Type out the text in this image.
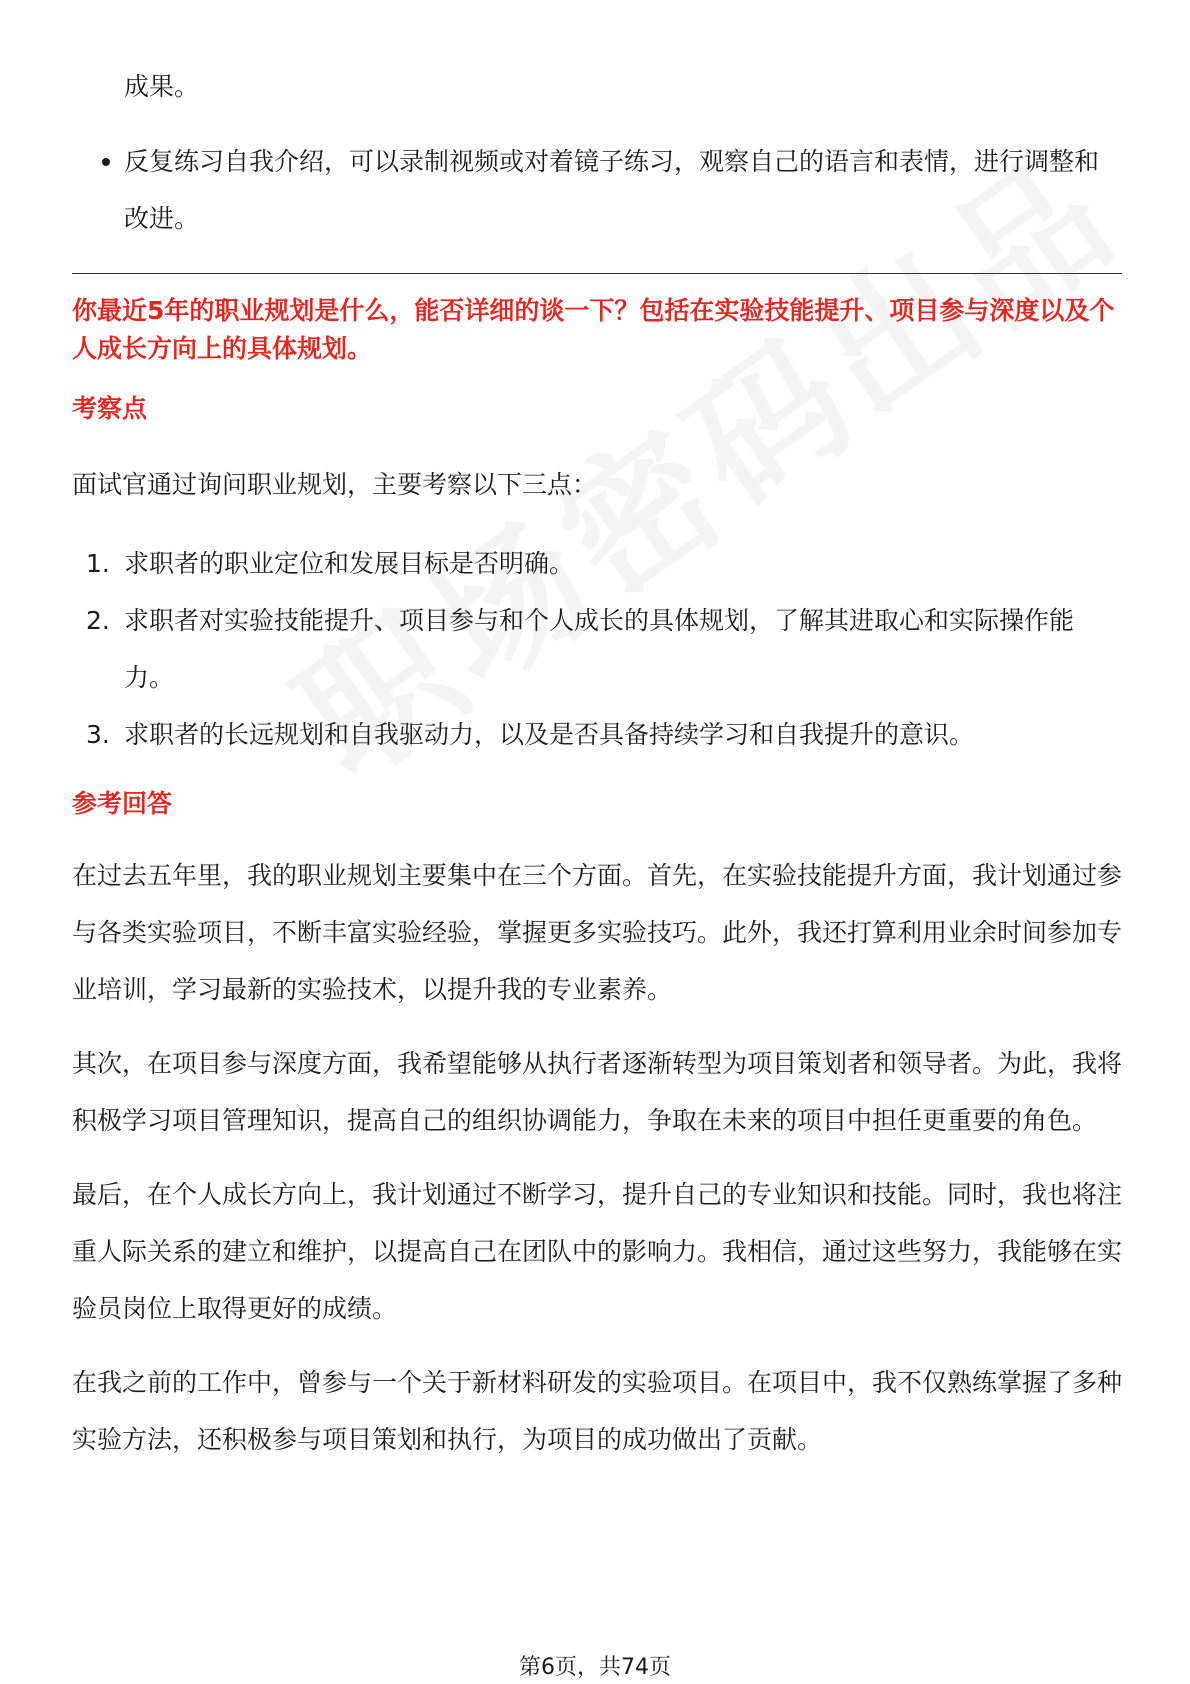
成果。
反复练习自我介绍，可以录制视频或对着镜子练习，观察自己的语言和表情，进行调整和改进。
你最近5年的职业规划是什么，能否详细的谈一下？包括在实验技能提升、项目参与深度以及个人成长方向上的具体规划。
考察点
面试官通过询问职业规划，主要考察以下三点：
1. 求职者的职业定位和发展目标是否明确。
2. 求职者对实验技能提升、项目参与和个人成长的具体规划，了解其进取心和实际操作能力。
3. 求职者的长远规划和自我驱动力，以及是否具备持续学习和自我提升的意识。
参考回答

在过去五年里，我的职业规划主要集中在三个方面。首先，在实验技能提升方面，我计划通过参与各类实验项目，不断丰富实验经验，掌握更多实验技巧。此外，我还打算利用业余时间参加专业培训，学习最新的实验技术，以提升我的专业素养。

其次，在项目参与深度方面，我希望能够从执行者逐渐转型为项目策划者和领导者。为此，我将积极学习项目管理知识，提高自己的组织协调能力，争取在未来的项目中担任更重要的角色。

最后，在个人成长方向上，我计划通过不断学习，提升自己的专业知识和技能。同时，我也将注重人际关系的建立和维护，以提高自己在团队中的影响力。我相信，通过这些努力，我能够在实验员岗位上取得更好的成绩。

在我之前的工作中，曾参与一个关于新材料研发的实验项目。在项目中，我不仅熟练掌握了多种实验方法，还积极参与项目策划和执行，为项目的成功做出了贡献。

第6页，共74页
